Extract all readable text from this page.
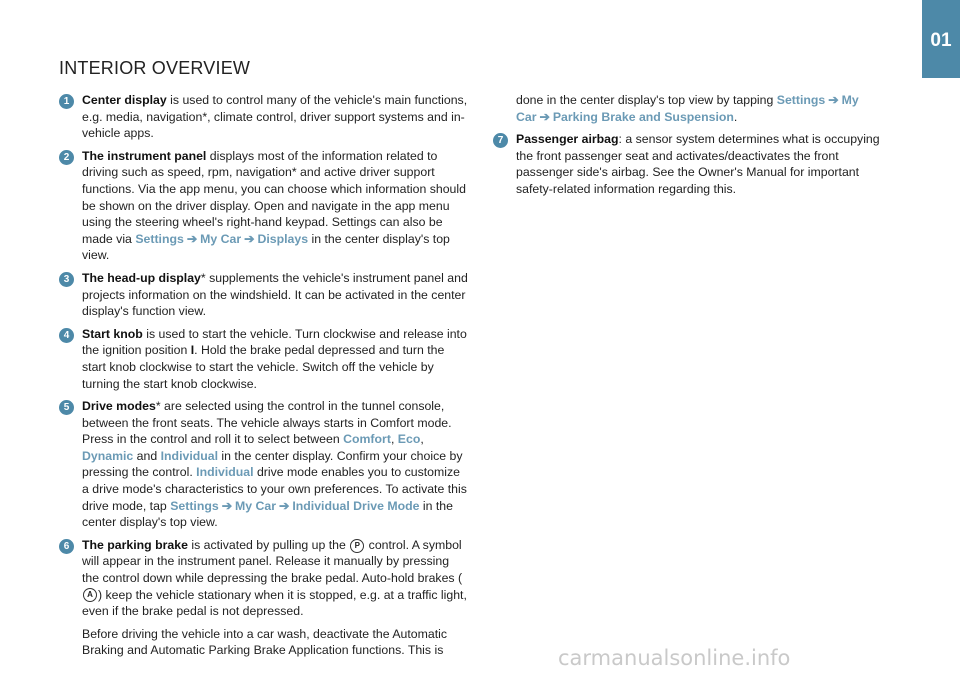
01
INTERIOR OVERVIEW
1	Center display is used to control many of the vehicle's main functions, e.g. media, navigation*, climate control, driver support systems and in-vehicle apps.
2	The instrument panel displays most of the information related to driving such as speed, rpm, navigation* and active driver support functions. Via the app menu, you can choose which information should be shown on the driver display. Open and navigate in the app menu using the steering wheel's right-hand keypad. Settings can also be made via Settings ➔ My Car ➔ Displays in the center display's top view.
3	The head-up display* supplements the vehicle's instrument panel and projects information on the windshield. It can be activated in the center display's function view.
4	Start knob is used to start the vehicle. Turn clockwise and release into the ignition position I. Hold the brake pedal depressed and turn the start knob clockwise to start the vehicle. Switch off the vehicle by turning the start knob clockwise.
5	Drive modes* are selected using the control in the tunnel console, between the front seats. The vehicle always starts in Comfort mode. Press in the control and roll it to select between Comfort, Eco, Dynamic and Individual in the center display. Confirm your choice by pressing the control. Individual drive mode enables you to customize a drive mode's characteristics to your own preferences. To activate this drive mode, tap Settings ➔ My Car ➔ Individual Drive Mode in the center display's top view.
6	The parking brake is activated by pulling up the P control. A symbol will appear in the instrument panel. Release it manually by pressing the control down while depressing the brake pedal. Auto-hold brakes (A ) keep the vehicle stationary when it is stopped, e.g. at a traffic light, even if the brake pedal is not depressed.

Before driving the vehicle into a car wash, deactivate the Automatic Braking and Automatic Parking Brake Application functions. This is

done in the center display's top view by tapping Settings ➔ My Car ➔ Parking Brake and Suspension.
7	Passenger airbag: a sensor system determines what is occupying the front passenger seat and activates/deactivates the front passenger side's airbag. See the Owner's Manual for important safety-related information regarding this.
carmanualsonline.info
